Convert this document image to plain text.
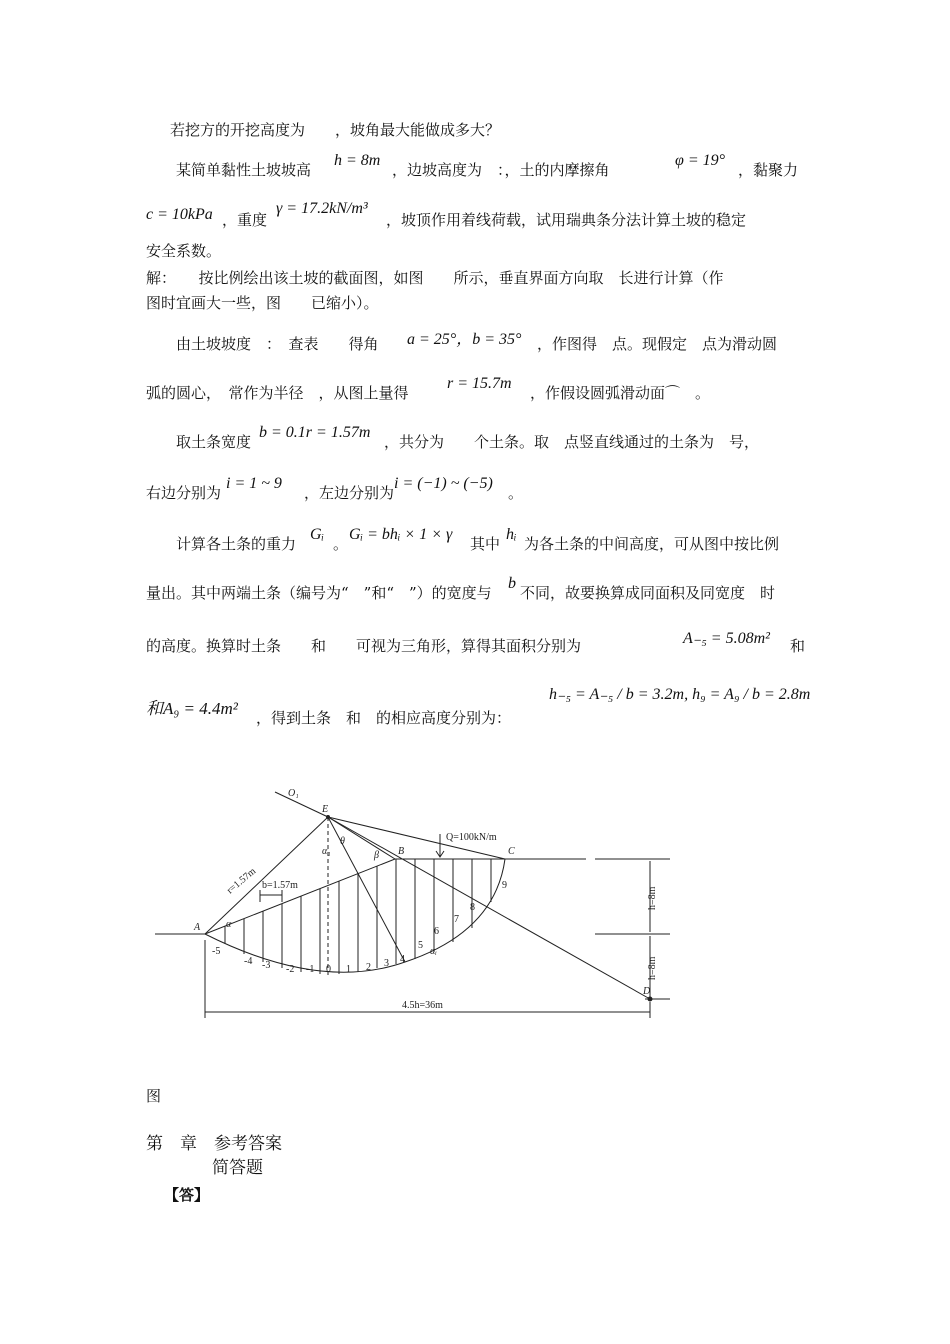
若挖方的开挖高度为　　，坡角最大能做成多大？
某简单黏性土坡坡高
h = 8m
，边坡高度为　：，土的内摩擦角
φ = 19°
，黏聚力
c = 10kPa ，重度
γ = 17.2kN/m³
，坡顶作用着线荷载，试用瑞典条分法计算土坡的稳定
安全系数。
解：　　按比例绘出该土坡的截面图，如图　　所示，垂直界面方向取　长进行计算（作
图时宜画大一些，图　　已缩小）。
由土坡坡度　：　查表　　得角 a = 25°，b = 35° ，作图得　点。现假定　点为滑动圆
弧的圆心，　常作为半径　，从图上量得
r = 15.7m
，作假设圆弧滑动面⌒　。
取土条宽度
b = 0.1r = 1.57m
，共分为　　个土条。取　点竖直线通过的土条为　号，
右边分别为
i = 1 ~ 9
，左边分别为
i = (−1) ~ (−5)
。
计算各土条的重力
Gᵢ
。
Gᵢ = bhᵢ × 1 × γ
其中
hᵢ
为各土条的中间高度，可从图中按比例
量出。其中两端土条（编号为“　”和“　”）的宽度与
b
不同，故要换算成同面积及同宽度　时
的高度。换算时土条　　和　　可视为三角形，算得其面积分别为	A₋₅ = 5.08m² 和
和A₉ = 4.4m² ，得到土条　和　的相应高度分别为：
h₋₅ = A₋₅ / b = 3.2m, h₉ = A₉ / b = 2.8m
O₁
E
θ
α₁	B	C
A
D
Q=100kN/m
r=1.57m b=1.57m
α
β
αᵢ
h=8m
h=8m
4.5h=36m
-5
-4 -3 -2 -1 0 1 2 3 4
5
6
7
8
9
图
第　章　参考答案
简答题
【答】
